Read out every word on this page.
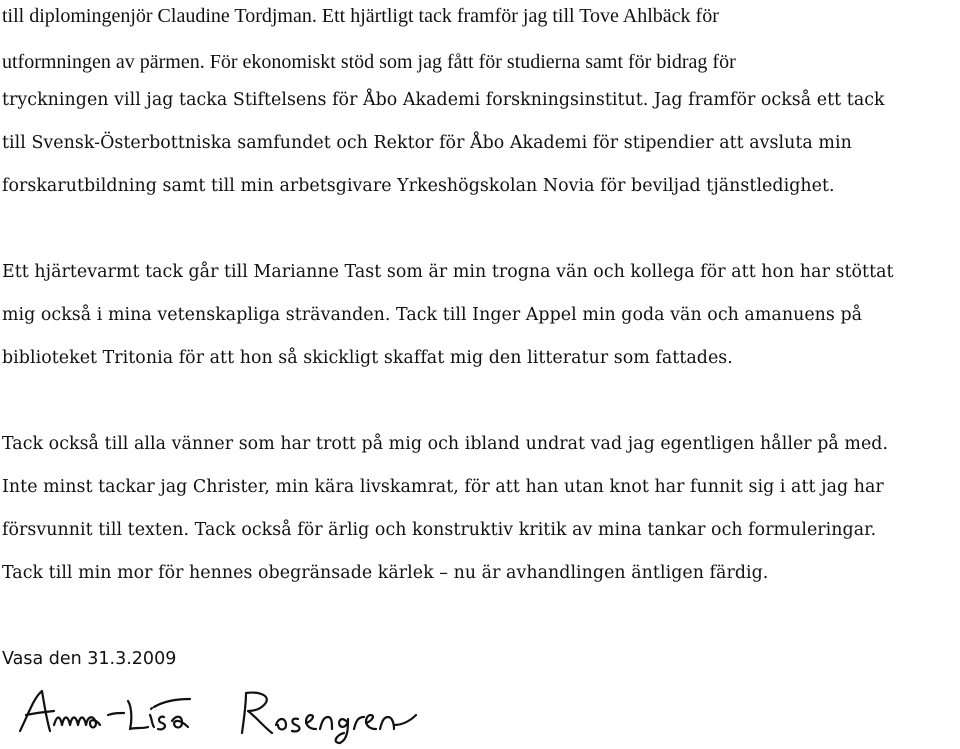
till diplomingenjör Claudine Tordjman. Ett hjärtligt tack framför jag till Tove Ahlbäck för
utformningen av pärmen. För ekonomiskt stöd som jag fått för studierna samt för bidrag för
tryckningen vill jag tacka Stiftelsens för Åbo Akademi forskningsinstitut. Jag framför också ett tack
till Svensk-Österbottniska samfundet och Rektor för Åbo Akademi för stipendier att avsluta min
forskarutbildning samt till min arbetsgivare Yrkeshögskolan Novia för beviljad tjänstledighet.
Ett hjärtevarmt tack går till Marianne Tast som är min trogna vän och kollega för att hon har stöttat
mig också i mina vetenskapliga strävanden. Tack till Inger Appel min goda vän och amanuens på
biblioteket Tritonia för att hon så skickligt skaffat mig den litteratur som fattades.
Tack också till alla vänner som har trott på mig och ibland undrat vad jag egentligen håller på med.
Inte minst tackar jag Christer, min kära livskamrat, för att han utan knot har funnit sig i att jag har
försvunnit till texten. Tack också för ärlig och konstruktiv kritik av mina tankar och formuleringar.
Tack till min mor för hennes obegränsade kärlek – nu är avhandlingen äntligen färdig.
Vasa den 31.3.2009
